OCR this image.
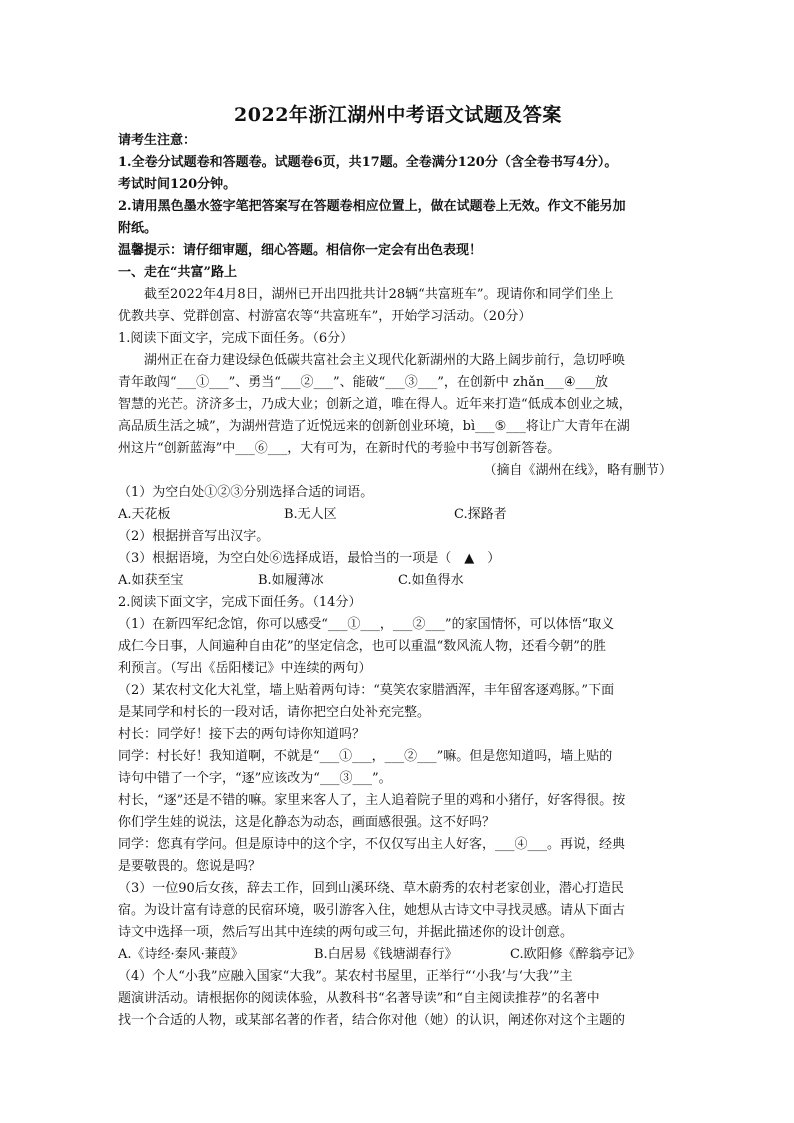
2022年浙江湖州中考语文试题及答案
请考生注意：
1.全卷分试题卷和答题卷。试题卷6页，共17题。全卷满分120分（含全卷书写4分）。
考试时间120分钟。
2.请用黑色墨水签字笔把答案写在答题卷相应位置上，做在试题卷上无效。作文不能另加
附纸。
温馨提示：请仔细审题，细心答题。相信你一定会有出色表现！
一、走在“共富”路上
截至2022年4月8日，湖州已开出四批共计28辆“共富班车”。现请你和同学们坐上
优教共享、党群创富、村游富农等“共富班车”，开始学习活动。（20分）
1.阅读下面文字，完成下面任务。（6分）
湖州正在奋力建设绿色低碳共富社会主义现代化新湖州的大路上阔步前行，急切呼唤
青年敢闯“___①___”、勇当“___②___”、能破“___③___”，在创新中 zhǎn___④___放
智慧的光芒。济济多士，乃成大业；创新之道，唯在得人。近年来打造“低成本创业之城，
高品质生活之城”，为湖州营造了近悦远来的创新创业环境，bì___⑤___将让广大青年在湖
州这片“创新蓝海”中___⑥___，大有可为，在新时代的考验中书写创新答卷。
（摘自《湖州在线》，略有删节）
（1）为空白处①②③分别选择合适的词语。
A.天花板	B.无人区	C.探路者
（2）根据拼音写出汉字。
（3）根据语境，为空白处⑥选择成语，最恰当的一项是（　▲　）
A.如获至宝	B.如履薄冰	C.如鱼得水
2.阅读下面文字，完成下面任务。（14分）
（1）在新四军纪念馆，你可以感受“___①___，___②___”的家国情怀，可以体悟“取义
成仁今日事，人间遍种自由花”的坚定信念，也可以重温“数风流人物，还看今朝”的胜
利预言。（写出《岳阳楼记》中连续的两句）
（2）某农村文化大礼堂，墙上贴着两句诗：“莫笑农家腊酒浑，丰年留客逐鸡豚。”下面
是某同学和村长的一段对话，请你把空白处补充完整。
村长：同学好！接下去的两句诗你知道吗？
同学：村长好！我知道啊，不就是“___①___，___②___”嘛。但是您知道吗，墙上贴的
诗句中错了一个字，“逐”应该改为“___③___”。
村长，“逐”还是不错的嘛。家里来客人了，主人追着院子里的鸡和小猪仔，好客得很。按
你们学生娃的说法，这是化静态为动态，画面感很强。这不好吗？
同学：您真有学问。但是原诗中的这个字，不仅仅写出主人好客，___④___。再说，经典
是要敬畏的。您说是吗？
（3）一位90后女孩，辞去工作，回到山溪环绕、草木蔚秀的农村老家创业，潜心打造民
宿。为设计富有诗意的民宿环境，吸引游客入住，她想从古诗文中寻找灵感。请从下面古
诗文中选择一项，然后写出其中连续的两句或三句，并据此描述你的设计创意。
A.《诗经·秦风·蒹葭》	B.白居易《钱塘湖春行》	C.欧阳修《醉翁亭记》
（4）个人“小我”应融入国家“大我”。某农村书屋里，正举行“‘小我’与‘大我’”主
题演讲活动。请根据你的阅读体验，从教科书“名著导读”和“自主阅读推荐”的名著中
找一个合适的人物，或某部名著的作者，结合你对他（她）的认识，阐述你对这个主题的
